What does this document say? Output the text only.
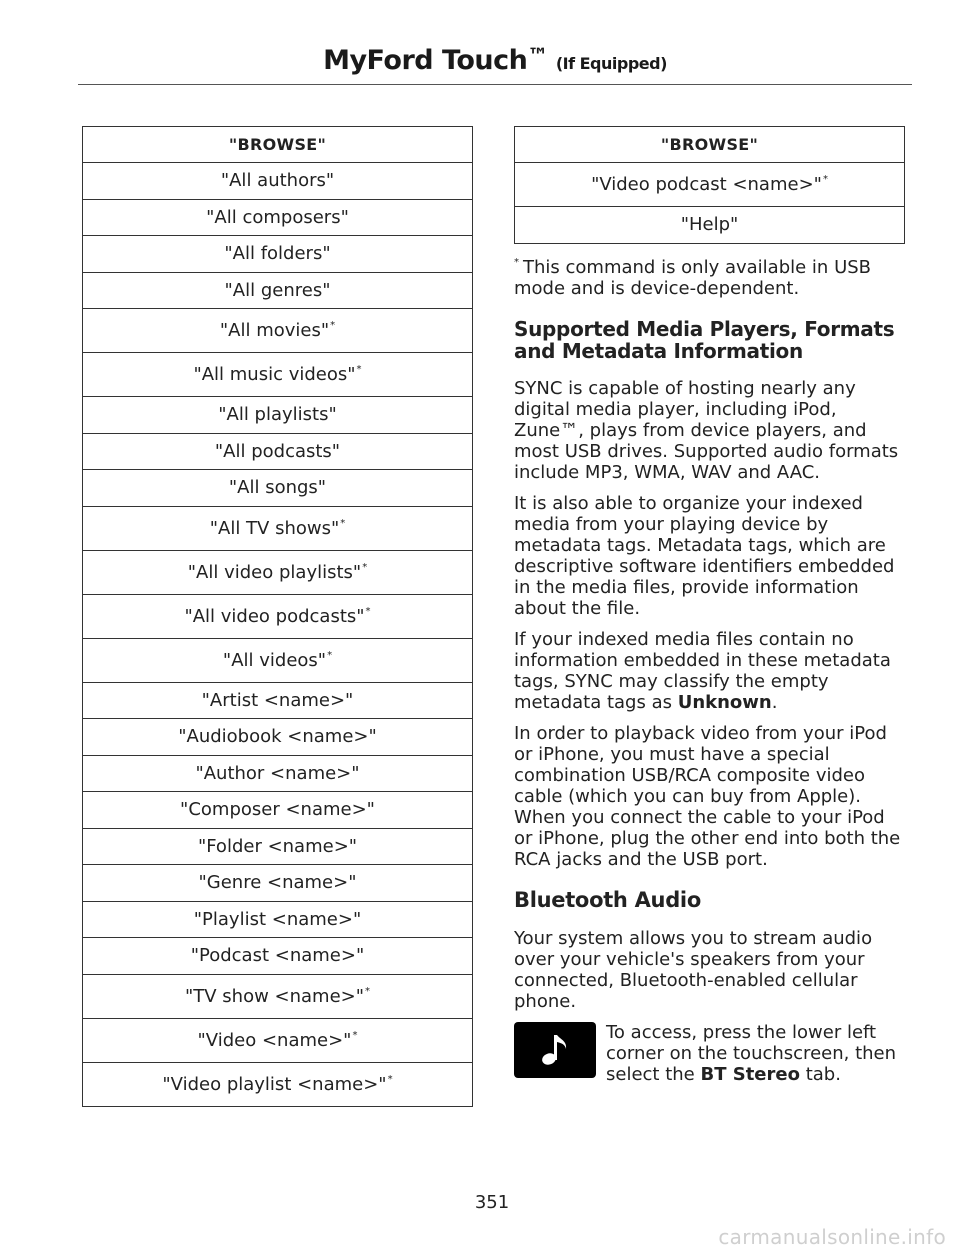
MyFord Touch™ (If Equipped)
"BROWSE"
"All authors"
"All composers"
"All folders"
"All genres"
"All movies"*
"All music videos"*
"All playlists"
"All podcasts"
"All songs"
"All TV shows"*
"All video playlists"*
"All video podcasts"*
"All videos"*
"Artist <name>"
"Audiobook <name>"
"Author <name>"
"Composer <name>"
"Folder <name>"
"Genre <name>"
"Playlist <name>"
"Podcast <name>"
"TV show <name>"*
"Video <name>"*
"Video playlist <name>"*
"BROWSE"
"Video podcast <name>"*
"Help"

* This command is only available in USB mode and is device-dependent.

Supported Media Players, Formats and Metadata Information

SYNC is capable of hosting nearly any digital media player, including iPod, Zune™, plays from device players, and most USB drives. Supported audio formats include MP3, WMA, WAV and AAC.

It is also able to organize your indexed media from your playing device by metadata tags. Metadata tags, which are descriptive software identifiers embedded in the media files, provide information about the file.

If your indexed media files contain no information embedded in these metadata tags, SYNC may classify the empty metadata tags as Unknown.

In order to playback video from your iPod or iPhone, you must have a special combination USB/RCA composite video cable (which you can buy from Apple). When you connect the cable to your iPod or iPhone, plug the other end into both the RCA jacks and the USB port.

Bluetooth Audio

Your system allows you to stream audio over your vehicle's speakers from your connected, Bluetooth-enabled cellular phone.

To access, press the lower left corner on the touchscreen, then select the BT Stereo tab.
351
carmanualsonline.info
